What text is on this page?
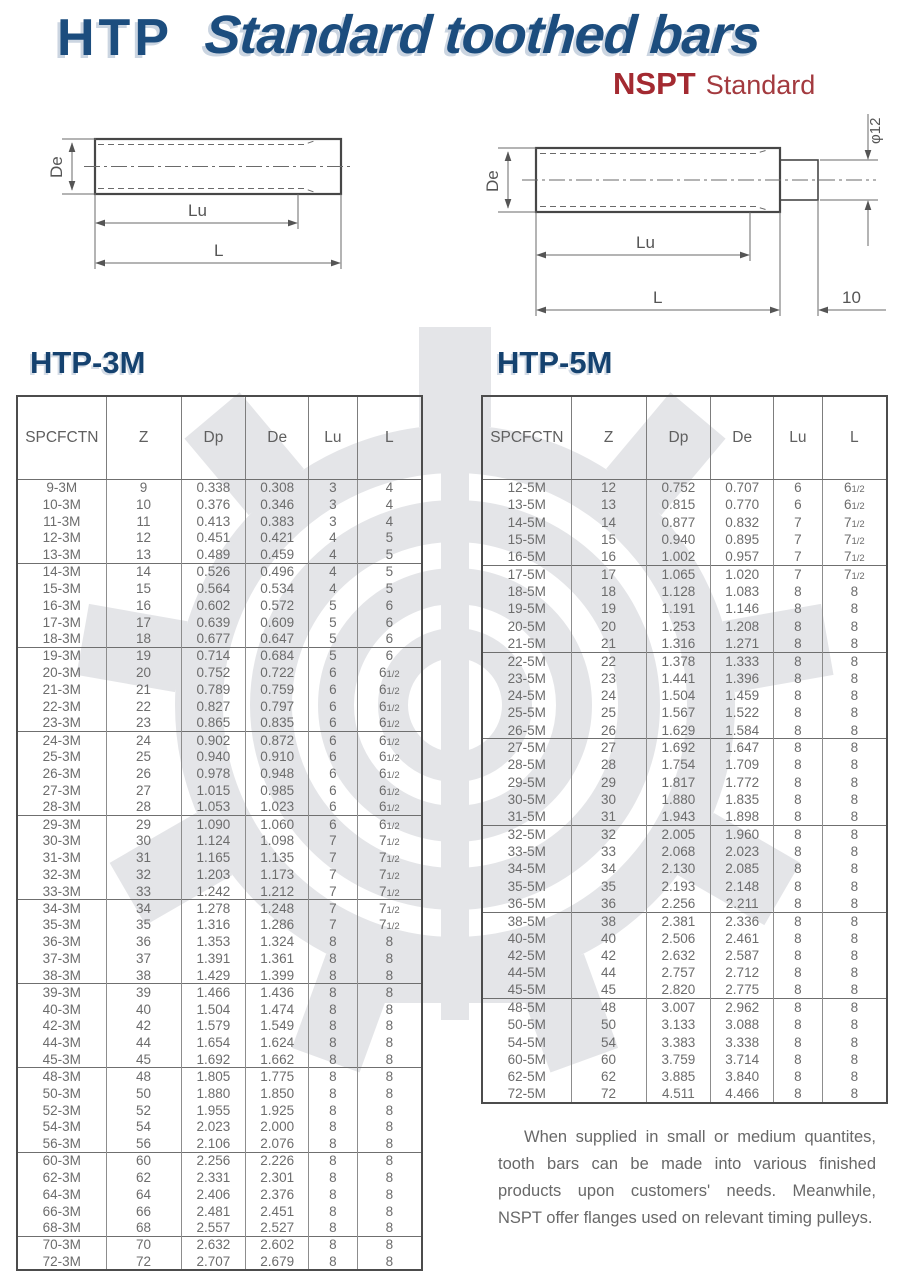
HTP Standard toothed bars
NSPT Standard
De
Lu
L
De
φ12
Lu
L	10
HTP-3M	HTP-5M
SPCFCTN	Z	Dp	De	Lu	L
9-3M	9	0.338	0.308	3	4
10-3M	10	0.376	0.346	3	4
11-3M	11	0.413	0.383	3	4
12-3M	12	0.451	0.421	4	5
13-3M	13	0.489	0.459	4	5
14-3M	14	0.526	0.496	4	5
15-3M	15	0.564	0.534	4	5
16-3M	16	0.602	0.572	5	6
17-3M	17	0.639	0.609	5	6
18-3M	18	0.677	0.647	5	6
19-3M	19	0.714	0.684	5	6
20-3M	20	0.752	0.722	6	61/2
21-3M	21	0.789	0.759	6	61/2
22-3M	22	0.827	0.797	6	61/2
23-3M	23	0.865	0.835	6	61/2
24-3M	24	0.902	0.872	6	61/2
25-3M	25	0.940	0.910	6	61/2
26-3M	26	0.978	0.948	6	61/2
27-3M	27	1.015	0.985	6	61/2
28-3M	28	1.053	1.023	6	61/2
29-3M	29	1.090	1.060	6	61/2
30-3M	30	1.124	1.098	7	71/2
31-3M	31	1.165	1.135	7	71/2
32-3M	32	1.203	1.173	7	71/2
33-3M	33	1.242	1.212	7	71/2
34-3M	34	1.278	1.248	7	71/2
35-3M	35	1.316	1.286	7	71/2
36-3M	36	1.353	1.324	8	8
37-3M	37	1.391	1.361	8	8
38-3M	38	1.429	1.399	8	8
39-3M	39	1.466	1.436	8	8
40-3M	40	1.504	1.474	8	8
42-3M	42	1.579	1.549	8	8
44-3M	44	1.654	1.624	8	8
45-3M	45	1.692	1.662	8	8
48-3M	48	1.805	1.775	8	8
50-3M	50	1.880	1.850	8	8
52-3M	52	1.955	1.925	8	8
54-3M	54	2.023	2.000	8	8
56-3M	56	2.106	2.076	8	8
60-3M	60	2.256	2.226	8	8
62-3M	62	2.331	2.301	8	8
64-3M	64	2.406	2.376	8	8
66-3M	66	2.481	2.451	8	8
68-3M	68	2.557	2.527	8	8
70-3M	70	2.632	2.602	8	8
72-3M	72	2.707	2.679	8	8
SPCFCTN	Z	Dp	De	Lu	L
12-5M	12	0.752	0.707	6	61/2
13-5M	13	0.815	0.770	6	61/2
14-5M	14	0.877	0.832	7	71/2
15-5M	15	0.940	0.895	7	71/2
16-5M	16	1.002	0.957	7	71/2
17-5M	17	1.065	1.020	7	71/2
18-5M	18	1.128	1.083	8	8
19-5M	19	1.191	1.146	8	8
20-5M	20	1.253	1.208	8	8
21-5M	21	1.316	1.271	8	8
22-5M	22	1.378	1.333	8	8
23-5M	23	1.441	1.396	8	8
24-5M	24	1.504	1.459	8	8
25-5M	25	1.567	1.522	8	8
26-5M	26	1.629	1.584	8	8
27-5M	27	1.692	1.647	8	8
28-5M	28	1.754	1.709	8	8
29-5M	29	1.817	1.772	8	8
30-5M	30	1.880	1.835	8	8
31-5M	31	1.943	1.898	8	8
32-5M	32	2.005	1.960	8	8
33-5M	33	2.068	2.023	8	8
34-5M	34	2.130	2.085	8	8
35-5M	35	2.193	2.148	8	8
36-5M	36	2.256	2.211	8	8
38-5M	38	2.381	2.336	8	8
40-5M	40	2.506	2.461	8	8
42-5M	42	2.632	2.587	8	8
44-5M	44	2.757	2.712	8	8
45-5M	45	2.820	2.775	8	8
48-5M	48	3.007	2.962	8	8
50-5M	50	3.133	3.088	8	8
54-5M	54	3.383	3.338	8	8
60-5M	60	3.759	3.714	8	8
62-5M	62	3.885	3.840	8	8
72-5M	72	4.511	4.466	8	8

When supplied in small or medium quantites, tooth bars can be made into various finished products upon customers' needs. Meanwhile, NSPT offer flanges used on relevant timing pulleys.
